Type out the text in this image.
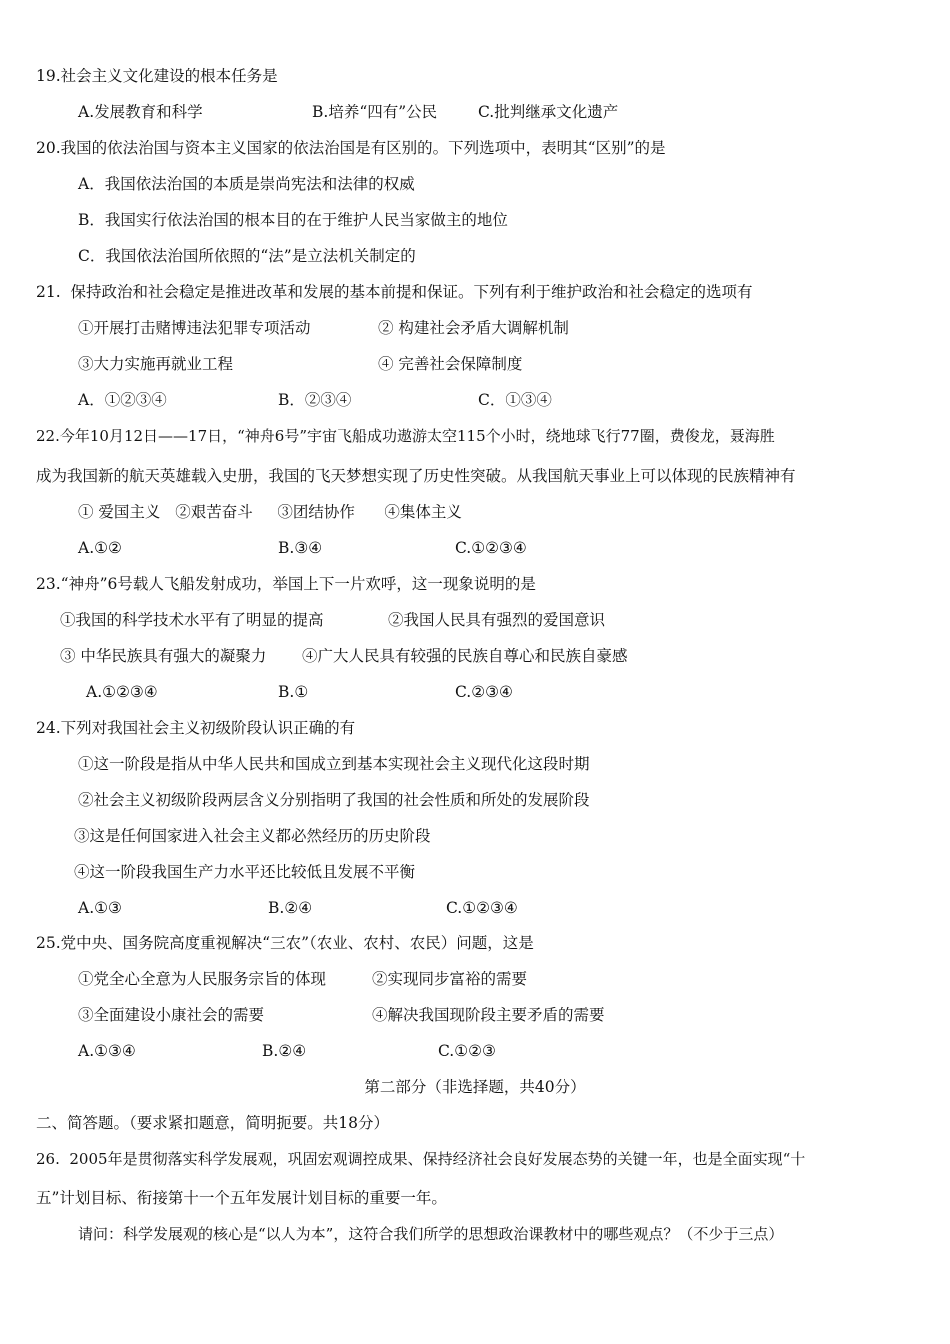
19.社会主义文化建设的根本任务是
A.发展教育和科学	B.培养“四有”公民	C.批判继承文化遗产
20.我国的依法治国与资本主义国家的依法治国是有区别的。下列选项中，表明其“区别”的是
A．我国依法治国的本质是崇尚宪法和法律的权威
B．我国实行依法治国的根本目的在于维护人民当家做主的地位
C．我国依法治国所依照的“法”是立法机关制定的
21.  保持政治和社会稳定是推进改革和发展的基本前提和保证。下列有利于维护政治和社会稳定的选项有
①开展打击赌博违法犯罪专项活动	② 构建社会矛盾大调解机制
③大力实施再就业工程	④ 完善社会保障制度
A．①②③④	B．②③④	C．①③④
22.今年10月12日——17日，“神舟6号”宇宙飞船成功遨游太空115个小时，绕地球飞行77圈，费俊龙，聂海胜
成为我国新的航天英雄载入史册，我国的飞天梦想实现了历史性突破。从我国航天事业上可以体现的民族精神有
① 爱国主义   ②艰苦奋斗     ③团结协作      ④集体主义
A.①②	B.③④	C.①②③④
23.“神舟”6号载人飞船发射成功，举国上下一片欢呼，这一现象说明的是
①我国的科学技术水平有了明显的提高	②我国人民具有强烈的爱国意识
③ 中华民族具有强大的凝聚力 ④广大人民具有较强的民族自尊心和民族自豪感
A.①②③④	B.①	C.②③④
24.下列对我国社会主义初级阶段认识正确的有
①这一阶段是指从中华人民共和国成立到基本实现社会主义现代化这段时期
②社会主义初级阶段两层含义分别指明了我国的社会性质和所处的发展阶段
③这是任何国家进入社会主义都必然经历的历史阶段
④这一阶段我国生产力水平还比较低且发展不平衡
A.①③	B.②④	C.①②③④
25.党中央、国务院高度重视解决“三农”（农业、农村、农民）问题，这是
①党全心全意为人民服务宗旨的体现	②实现同步富裕的需要
③全面建设小康社会的需要	④解决我国现阶段主要矛盾的需要
A.①③④	B.②④	C.①②③
第二部分（非选择题，共40分）
二、简答题。（要求紧扣题意，简明扼要。共18分）
26.  2005年是贯彻落实科学发展观，巩固宏观调控成果、保持经济社会良好发展态势的关键一年，也是全面实现“十
五”计划目标、衔接第十一个五年发展计划目标的重要一年。
请问：科学发展观的核心是“以人为本”，这符合我们所学的思想政治课教材中的哪些观点？（不少于三点）
